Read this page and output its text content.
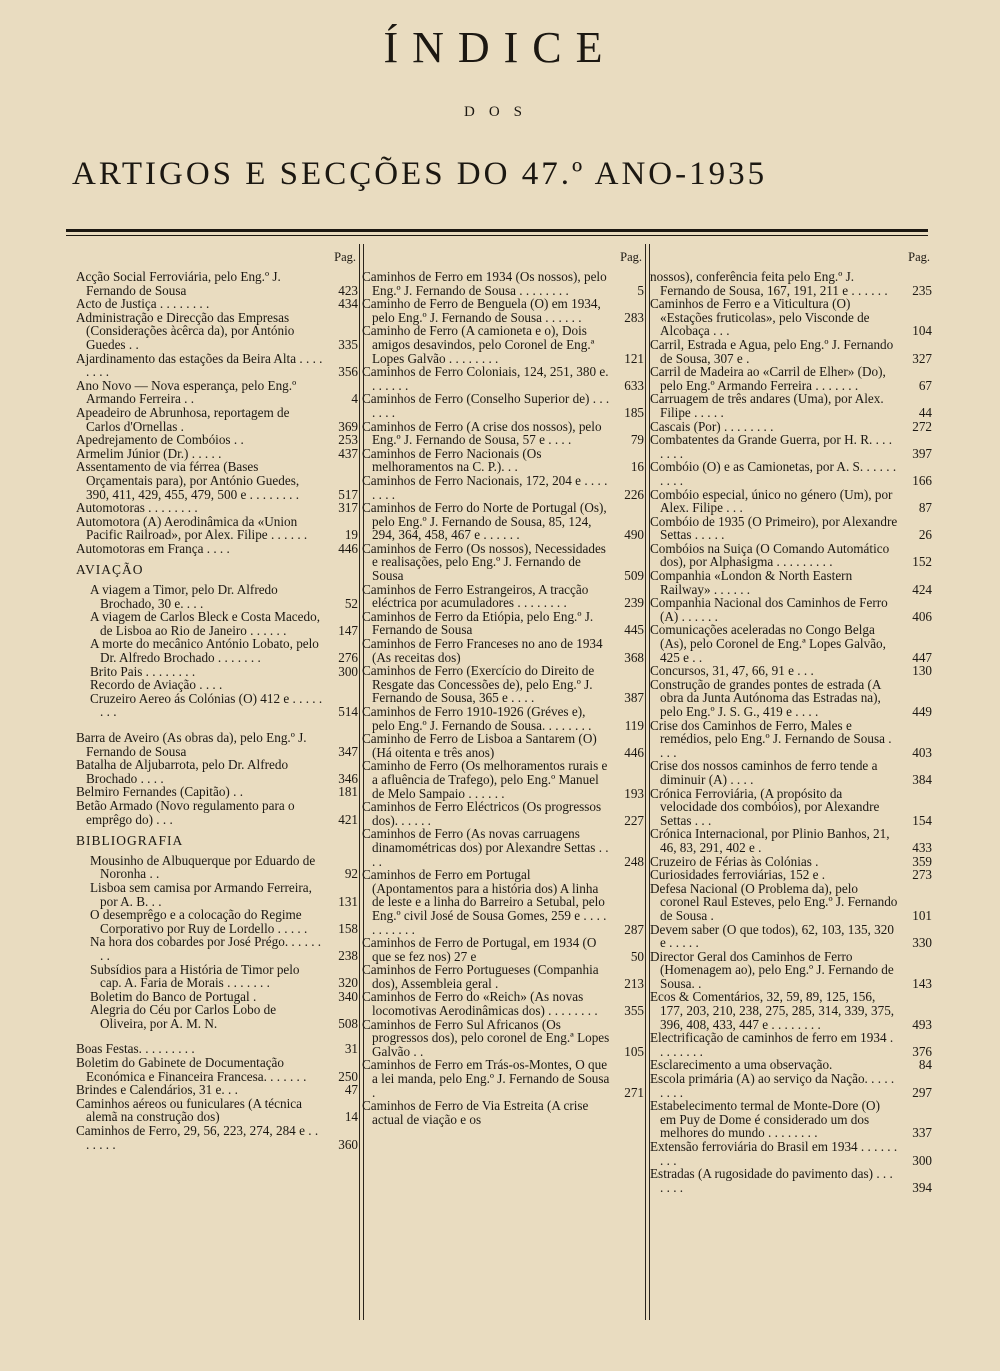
ÍNDICE
DOS
ARTIGOS E SECÇÕES DO 47.º ANO-1935
Pag.
Acção Social Ferroviária, pelo Eng.º J. Fernando de Sousa	423
Acto de Justiça . . . . . . . .	434
Administração e Direcção das Empresas (Considerações àcêrca da), por António Guedes . .	335
Ajardinamento das estações da Beira Alta . . . . . . . .	356
Ano Novo — Nova esperança, pelo Eng.º Armando Ferreira . .	4
Apeadeiro de Abrunhosa, reportagem de Carlos d'Ornellas .	369
Apedrejamento de Combóios . .	253
Armelim Júnior (Dr.) . . . . .	437
Assentamento de via férrea (Bases Orçamentais para), por António Guedes, 390, 411, 429, 455, 479, 500 e . . . . . . . .	517
Automotoras . . . . . . . .	317
Automotora (A) Aerodinâmica da «Union Pacific Railroad», por Alex. Filipe . . . . . .	19
Automotoras em França . . . .	446
AVIAÇÃO
A viagem a Timor, pelo Dr. Alfredo Brochado, 30 e. . . .	52
A viagem de Carlos Bleck e Costa Macedo, de Lisboa ao Rio de Janeiro . . . . . .	147
A morte do mecânico António Lobato, pelo Dr. Alfredo Brochado . . . . . . .	276
Brito Pais . . . . . . . .	300
Recordo de Aviação . . . .
Cruzeiro Aereo ás Colónias (O) 412 e . . . . . . . .	514
Barra de Aveiro (As obras da), pelo Eng.º J. Fernando de Sousa	347
Batalha de Aljubarrota, pelo Dr. Alfredo Brochado . . . .	346
Belmiro Fernandes (Capitão) . .	181
Betão Armado (Novo regulamento para o emprêgo do) . . .	421
BIBLIOGRAFIA
Mousinho de Albuquerque por Eduardo de Noronha . .	92
Lisboa sem camisa por Armando Ferreira, por A. B. . .	131
O desemprêgo e a colocação do Regime Corporativo por Ruy de Lordello . . . . .	158
Na hora dos cobardes por José Prégo. . . . . . . .	238
Subsídios para a História de Timor pelo cap. A. Faria de Morais . . . . . . .	320
Boletim do Banco de Portugal .	340
Alegria do Céu por Carlos Lobo de Oliveira, por A. M. N.	508
Boas Festas. . . . . . . . .	31
Boletim do Gabinete de Documentação Económica e Financeira Francesa. . . . . . .	250
Brindes e Calendários, 31 e. . .	47
Caminhos aéreos ou funiculares (A técnica alemã na construção dos)	14
Caminhos de Ferro, 29, 56, 223, 274, 284 e . . . . . . .	360
Pag.
Caminhos de Ferro em 1934 (Os nossos), pelo Eng.º J. Fernando de Sousa . . . . . . . .	5
Caminho de Ferro de Benguela (O) em 1934, pelo Eng.º J. Fernando de Sousa . . . . . .	283
Caminho de Ferro (A camioneta e o), Dois amigos desavindos, pelo Coronel de Eng.ª Lopes Galvão . . . . . . . .	121
Caminhos de Ferro Coloniais, 124, 251, 380 e. . . . . . .	633
Caminhos de Ferro (Conselho Superior de) . . . . . . .	185
Caminhos de Ferro (A crise dos nossos), pelo Eng.º J. Fernando de Sousa, 57 e . . . .	79
Caminhos de Ferro Nacionais (Os melhoramentos na C. P.). . .	16
Caminhos de Ferro Nacionais, 172, 204 e . . . . . . . .	226
Caminhos de Ferro do Norte de Portugal (Os), pelo Eng.º J. Fernando de Sousa, 85, 124, 294, 364, 458, 467 e . . . . . .	490
Caminhos de Ferro (Os nossos), Necessidades e realisações, pelo Eng.º J. Fernando de Sousa	509
Caminhos de Ferro Estrangeiros, A tracção eléctrica por acumuladores . . . . . . . .	239
Caminhos de Ferro da Etiópia, pelo Eng.º J. Fernando de Sousa	445
Caminhos de Ferro Franceses no ano de 1934 (As receitas dos)	368
Caminhos de Ferro (Exercício do Direito de Resgate das Concessões de), pelo Eng.º J. Fernando de Sousa, 365 e . . . .	387
Caminhos de Ferro 1910-1926 (Gréves e), pelo Eng.º J. Fernando de Sousa. . . . . . . .	119
Caminho de Ferro de Lisboa a Santarem (O) (Há oitenta e três anos)	446
Caminho de Ferro (Os melhoramentos rurais e a afluência de Trafego), pelo Eng.º Manuel de Melo Sampaio . . . . . .	193
Caminhos de Ferro Eléctricos (Os progressos dos). . . . . .	227
Caminhos de Ferro (As novas carruagens dinamométricas dos) por Alexandre Settas . . . .	248
Caminhos de Ferro em Portugal (Apontamentos para a história dos) A linha de leste e a linha do Barreiro a Setubal, pelo Eng.º civil José de Sousa Gomes, 259 e . . . . . . . . . . .	287
Caminhos de Ferro de Portugal, em 1934 (O que se fez nos) 27 e	50
Caminhos de Ferro Portugueses (Companhia dos), Assembleia geral .	213
Caminhos de Ferro do «Reich» (As novas locomotivas Aerodinâmicas dos) . . . . . . . .	355
Caminhos de Ferro Sul Africanos (Os progressos dos), pelo coronel de Eng.ª Lopes Galvão . .	105
Caminhos de Ferro em Trás-os-Montes, O que a lei manda, pelo Eng.º J. Fernando de Sousa .	271
Caminhos de Ferro de Via Estreita (A crise actual de viação e os
Pag.
nossos), conferência feita pelo Eng.º J. Fernando de Sousa, 167, 191, 211 e . . . . . .	235
Caminhos de Ferro e a Viticultura (O) «Estações fruticolas», pelo Visconde de Alcobaça . . .	104
Carril, Estrada e Agua, pelo Eng.º J. Fernando de Sousa, 307 e .	327
Carril de Madeira ao «Carril de Elher» (Do), pelo Eng.º Armando Ferreira . . . . . . .	67
Carruagem de três andares (Uma), por Alex. Filipe . . . . .	44
Cascais (Por) . . . . . . . .	272
Combatentes da Grande Guerra, por H. R. . . . . . . .	397
Combóio (O) e as Camionetas, por A. S. . . . . . . . . .	166
Combóio especial, único no género (Um), por Alex. Filipe . . .	87
Combóio de 1935 (O Primeiro), por Alexandre Settas . . . . .	26
Combóios na Suiça (O Comando Automático dos), por Alphasigma . . . . . . . . .	152
Companhia «London & North Eastern Railway» . . . . . .	424
Companhia Nacional dos Caminhos de Ferro (A) . . . . . .	406
Comunicações aceleradas no Congo Belga (As), pelo Coronel de Eng.ª Lopes Galvão, 425 e . .	447
Concursos, 31, 47, 66, 91 e . . .	130
Construção de grandes pontes de estrada (A obra da Junta Autónoma das Estradas na), pelo Eng.º J. S. G., 419 e . . . .	449
Crise dos Caminhos de Ferro, Males e remédios, pelo Eng.º J. Fernando de Sousa . . . .	403
Crise dos nossos caminhos de ferro tende a diminuir (A) . . . .	384
Crónica Ferroviária, (A propósito da velocidade dos combóios), por Alexandre Settas . . .	154
Crónica Internacional, por Plinio Banhos, 21, 46, 83, 291, 402 e .	433
Cruzeiro de Férias às Colónias .	359
Curiosidades ferroviárias, 152 e .	273
Defesa Nacional (O Problema da), pelo coronel Raul Esteves, pelo Eng.º J. Fernando de Sousa .	101
Devem saber (O que todos), 62, 103, 135, 320 e . . . . .	330
Director Geral dos Caminhos de Ferro (Homenagem ao), pelo Eng.º J. Fernando de Sousa. .	143
Ecos & Comentários, 32, 59, 89, 125, 156, 177, 203, 210, 238, 275, 285, 314, 339, 375, 396, 408, 433, 447 e . . . . . . . .	493
Electrificação de caminhos de ferro em 1934 . . . . . . . .	376
Esclarecimento a uma observação.	84
Escola primária (A) ao serviço da Nação. . . . . . . . .	297
Estabelecimento termal de Monte-Dore (O) em Puy de Dome é considerado um dos melhores do mundo . . . . . . . .	337
Extensão ferroviária do Brasil em 1934 . . . . . . . . .	300
Estradas (A rugosidade do pavimento das) . . . . . . .	394
